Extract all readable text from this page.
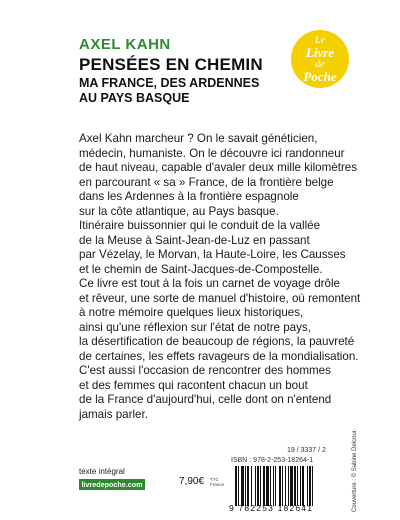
AXEL KAHN
PENSÉES EN CHEMIN
MA FRANCE, DES ARDENNES AU PAYS BASQUE
Le
Livre
de
Poche

Axel Kahn marcheur ? On le savait généticien,

médecin, humaniste. On le découvre ici randonneur

de haut niveau, capable d'avaler deux mille kilomètres

en parcourant « sa » France, de la frontière belge

dans les Ardennes à la frontière espagnole

sur la côte atlantique, au Pays basque.

Itinéraire buissonnier qui le conduit de la vallée

de la Meuse à Saint-Jean-de-Luz en passant

par Vézelay, le Morvan, la Haute-Loire, les Causses

et le chemin de Saint-Jacques-de-Compostelle.

Ce livre est tout à la fois un carnet de voyage drôle

et rêveur, une sorte de manuel d'histoire, où remontent

à notre mémoire quelques lieux historiques,

ainsi qu'une réflexion sur l'état de notre pays,

la désertification de beaucoup de régions, la pauvreté

de certaines, les effets ravageurs de la mondialisation.

C'est aussi l'occasion de rencontrer des hommes

et des femmes qui racontent chacun un bout

de la France d'aujourd'hui, celle dont on n'entend

jamais parler.

Couverture : © Sabine Delcour.
19 / 3337 / 2
ISBN : 978-2-253-18264-1
9 782253 182641
texte intégral
livredepoche.com	7,90€ TTC France
